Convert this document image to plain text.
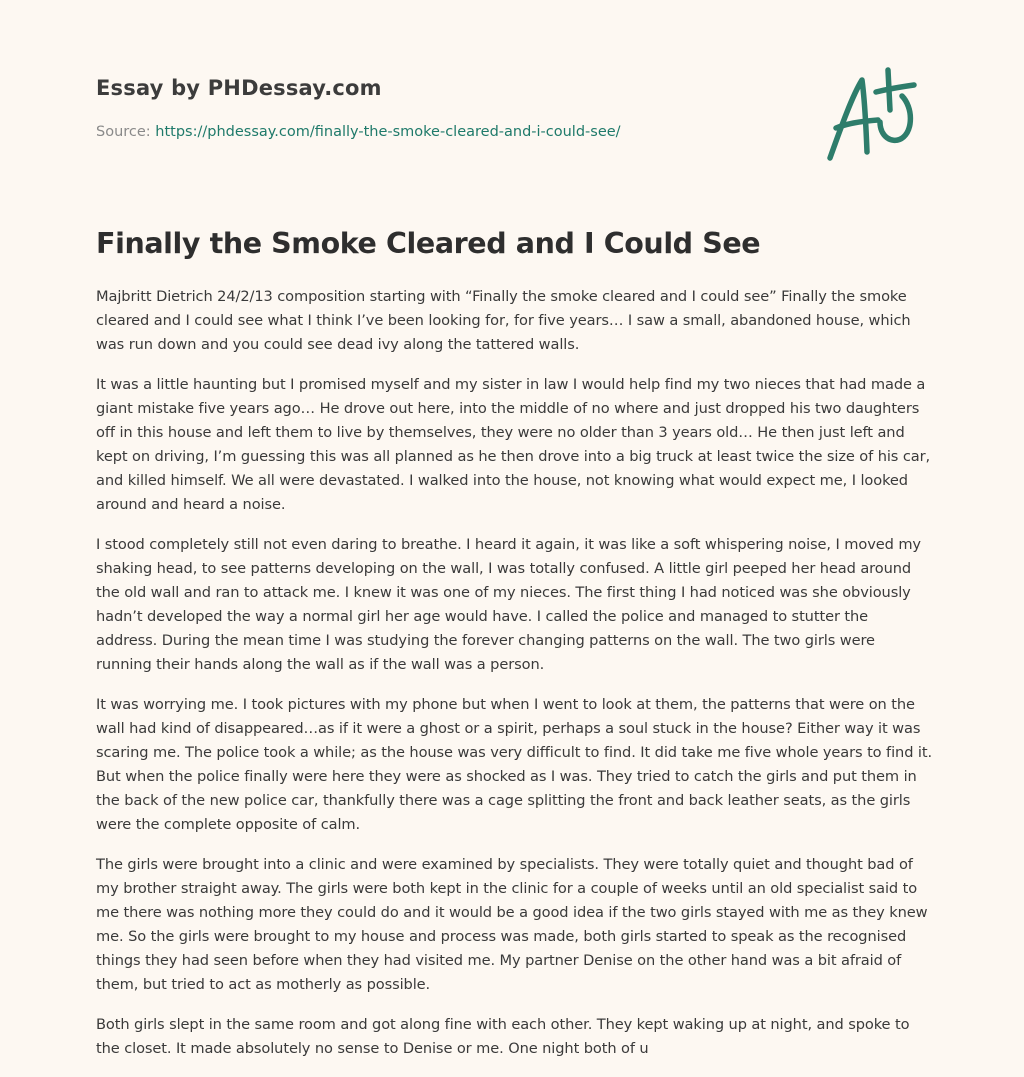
Essay by PHDessay.com
Source: https://phdessay.com/finally-the-smoke-cleared-and-i-could-see/
Finally the Smoke Cleared and I Could See

Majbritt Dietrich 24/2/13 composition starting with “Finally the smoke cleared and I could see” Finally the smoke cleared and I could see what I think I’ve been looking for, for five years… I saw a small, abandoned house, which was run down and you could see dead ivy along the tattered walls.

It was a little haunting but I promised myself and my sister in law I would help find my two nieces that had made a giant mistake five years ago… He drove out here, into the middle of no where and just dropped his two daughters off in this house and left them to live by themselves, they were no older than 3 years old… He then just left and kept on driving, I’m guessing this was all planned as he then drove into a big truck at least twice the size of his car, and killed himself. We all were devastated. I walked into the house, not knowing what would expect me, I looked around and heard a noise.

I stood completely still not even daring to breathe. I heard it again, it was like a soft whispering noise, I moved my shaking head, to see patterns developing on the wall, I was totally confused. A little girl peeped her head around the old wall and ran to attack me. I knew it was one of my nieces. The first thing I had noticed was she obviously hadn’t developed the way a normal girl her age would have. I called the police and managed to stutter the address. During the mean time I was studying the forever changing patterns on the wall. The two girls were running their hands along the wall as if the wall was a person.

It was worrying me. I took pictures with my phone but when I went to look at them, the patterns that were on the wall had kind of disappeared…as if it were a ghost or a spirit, perhaps a soul stuck in the house? Either way it was scaring me. The police took a while; as the house was very difficult to find. It did take me five whole years to find it. But when the police finally were here they were as shocked as I was. They tried to catch the girls and put them in the back of the new police car, thankfully there was a cage splitting the front and back leather seats, as the girls were the complete opposite of calm.

The girls were brought into a clinic and were examined by specialists. They were totally quiet and thought bad of my brother straight away. The girls were both kept in the clinic for a couple of weeks until an old specialist said to me there was nothing more they could do and it would be a good idea if the two girls stayed with me as they knew me. So the girls were brought to my house and process was made, both girls started to speak as the recognised things they had seen before when they had visited me. My partner Denise on the other hand was a bit afraid of them, but tried to act as motherly as possible.

Both girls slept in the same room and got along fine with each other. They kept waking up at night, and spoke to the closet. It made absolutely no sense to Denise or me. One night both of u
